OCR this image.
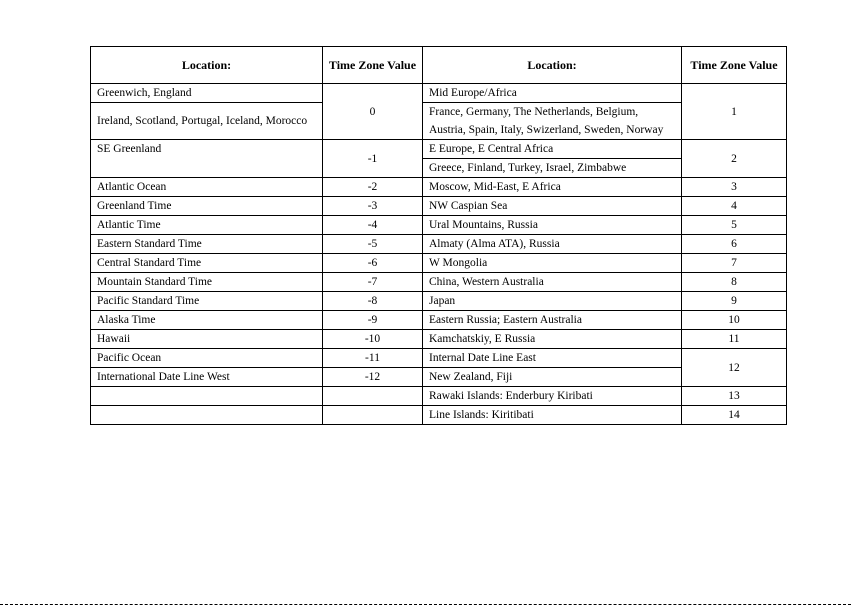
Location:	Time Zone Value	Location:	Time Zone Value
Greenwich, England	0	Mid Europe/Africa	1
Ireland, Scotland, Portugal, Iceland, Morocco		France, Germany, The Netherlands, Belgium,	
		Austria, Spain, Italy, Swizerland, Sweden, Norway	
SE Greenland	-1	E Europe, E Central Africa	2
		Greece, Finland, Turkey, Israel, Zimbabwe	
Atlantic Ocean	-2	Moscow, Mid-East, E Africa	3
Greenland Time	-3	NW Caspian Sea	4
Atlantic Time	-4	Ural Mountains, Russia	5
Eastern Standard Time	-5	Almaty (Alma ATA), Russia	6
Central Standard Time	-6	W Mongolia	7
Mountain Standard Time	-7	China, Western Australia	8
Pacific Standard Time	-8	Japan	9
Alaska Time	-9	Eastern Russia; Eastern Australia	10
Hawaii	-10	Kamchatskiy, E Russia	11
Pacific Ocean	-11	Internal Date Line East	12
International Date Line West	-12	New Zealand, Fiji	
		Rawaki Islands: Enderbury Kiribati	13
		Line Islands: Kiritibati	14
